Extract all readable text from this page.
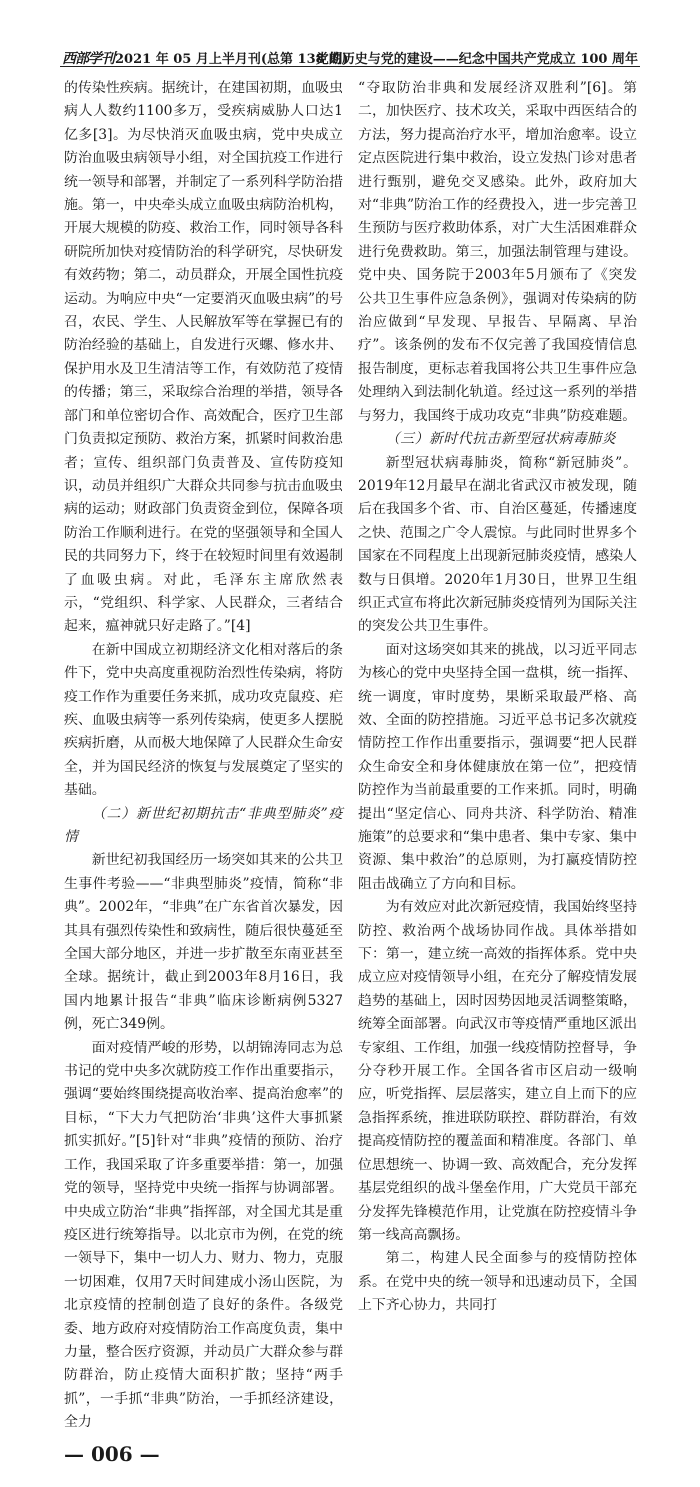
西部学刊2021 年 05 月上半月刊(总第 138 期)
党的历史与党的建设——纪念中国共产党成立 100 周年

的传染性疾病。据统计，在建国初期，血吸虫病人人数约1100多万，受疾病威胁人口达1亿多[3]。为尽快消灭血吸虫病，党中央成立防治血吸虫病领导小组，对全国抗疫工作进行统一领导和部署，并制定了一系列科学防治措施。第一，中央牵头成立血吸虫病防治机构，开展大规模的防疫、救治工作，同时领导各科研院所加快对疫情防治的科学研究，尽快研发有效药物；第二，动员群众，开展全国性抗疫运动。为响应中央“一定要消灭血吸虫病”的号召，农民、学生、人民解放军等在掌握已有的防治经验的基础上，自发进行灭螺、修水井、保护用水及卫生清洁等工作，有效防范了疫情的传播；第三，采取综合治理的举措，领导各部门和单位密切合作、高效配合，医疗卫生部门负责拟定预防、救治方案，抓紧时间救治患者；宣传、组织部门负责普及、宣传防疫知识，动员并组织广大群众共同参与抗击血吸虫病的运动；财政部门负责资金到位，保障各项防治工作顺利进行。在党的坚强领导和全国人民的共同努力下，终于在较短时间里有效遏制了血吸虫病。对此，毛泽东主席欣然表示，“党组织、科学家、人民群众，三者结合起来，瘟神就只好走路了。”[4]

在新中国成立初期经济文化相对落后的条件下，党中央高度重视防治烈性传染病，将防疫工作作为重要任务来抓，成功攻克鼠疫、疟疾、血吸虫病等一系列传染病，使更多人摆脱疾病折磨，从而极大地保障了人民群众生命安全，并为国民经济的恢复与发展奠定了坚实的基础。

（二）新世纪初期抗击“非典型肺炎”疫情

新世纪初我国经历一场突如其来的公共卫生事件考验——“非典型肺炎”疫情，简称“非典”。2002年，“非典”在广东省首次暴发，因其具有强烈传染性和致病性，随后很快蔓延至全国大部分地区，并进一步扩散至东南亚甚至全球。据统计，截止到2003年8月16日，我国内地累计报告“非典”临床诊断病例5327例，死亡349例。

面对疫情严峻的形势，以胡锦涛同志为总书记的党中央多次就防疫工作作出重要指示，强调“要始终围绕提高收治率、提高治愈率”的目标，“下大力气把防治‘非典’这件大事抓紧抓实抓好。”[5]针对“非典”疫情的预防、治疗工作，我国采取了许多重要举措：第一，加强党的领导，坚持党中央统一指挥与协调部署。中央成立防治“非典”指挥部，对全国尤其是重疫区进行统筹指导。以北京市为例，在党的统一领导下，集中一切人力、财力、物力，克服一切困难，仅用7天时间建成小汤山医院，为北京疫情的控制创造了良好的条件。各级党委、地方政府对疫情防治工作高度负责，集中力量，整合医疗资源，并动员广大群众参与群防群治，防止疫情大面积扩散；坚持“两手抓”，一手抓“非典”防治，一手抓经济建设，全力

— 006 —

“夺取防治非典和发展经济双胜利”[6]。第二，加快医疗、技术攻关，采取中西医结合的方法，努力提高治疗水平，增加治愈率。设立定点医院进行集中救治，设立发热门诊对患者进行甄别，避免交叉感染。此外，政府加大对“非典”防治工作的经费投入，进一步完善卫生预防与医疗救助体系，对广大生活困难群众进行免费救助。第三，加强法制管理与建设。党中央、国务院于2003年5月颁布了《突发公共卫生事件应急条例》，强调对传染病的防治应做到“早发现、早报告、早隔离、早治疗”。该条例的发布不仅完善了我国疫情信息报告制度，更标志着我国将公共卫生事件应急处理纳入到法制化轨道。经过这一系列的举措与努力，我国终于成功攻克“非典”防疫难题。

（三）新时代抗击新型冠状病毒肺炎

新型冠状病毒肺炎，简称“新冠肺炎”。2019年12月最早在湖北省武汉市被发现，随后在我国多个省、市、自治区蔓延，传播速度之快、范围之广令人震惊。与此同时世界多个国家在不同程度上出现新冠肺炎疫情，感染人数与日俱增。2020年1月30日，世界卫生组织正式宣布将此次新冠肺炎疫情列为国际关注的突发公共卫生事件。

面对这场突如其来的挑战，以习近平同志为核心的党中央坚持全国一盘棋，统一指挥、统一调度，审时度势，果断采取最严格、高效、全面的防控措施。习近平总书记多次就疫情防控工作作出重要指示，强调要“把人民群众生命安全和身体健康放在第一位”，把疫情防控作为当前最重要的工作来抓。同时，明确提出“坚定信心、同舟共济、科学防治、精准施策”的总要求和“集中患者、集中专家、集中资源、集中救治”的总原则，为打赢疫情防控阻击战确立了方向和目标。

为有效应对此次新冠疫情，我国始终坚持防控、救治两个战场协同作战。具体举措如下：第一，建立统一高效的指挥体系。党中央成立应对疫情领导小组，在充分了解疫情发展趋势的基础上，因时因势因地灵活调整策略，统筹全面部署。向武汉市等疫情严重地区派出专家组、工作组，加强一线疫情防控督导，争分夺秒开展工作。全国各省市区启动一级响应，听党指挥、层层落实，建立自上而下的应急指挥系统，推进联防联控、群防群治，有效提高疫情防控的覆盖面和精准度。各部门、单位思想统一、协调一致、高效配合，充分发挥基层党组织的战斗堡垒作用，广大党员干部充分发挥先锋模范作用，让党旗在防控疫情斗争第一线高高飘扬。

第二，构建人民全面参与的疫情防控体系。在党中央的统一领导和迅速动员下，全国上下齐心协力，共同打
